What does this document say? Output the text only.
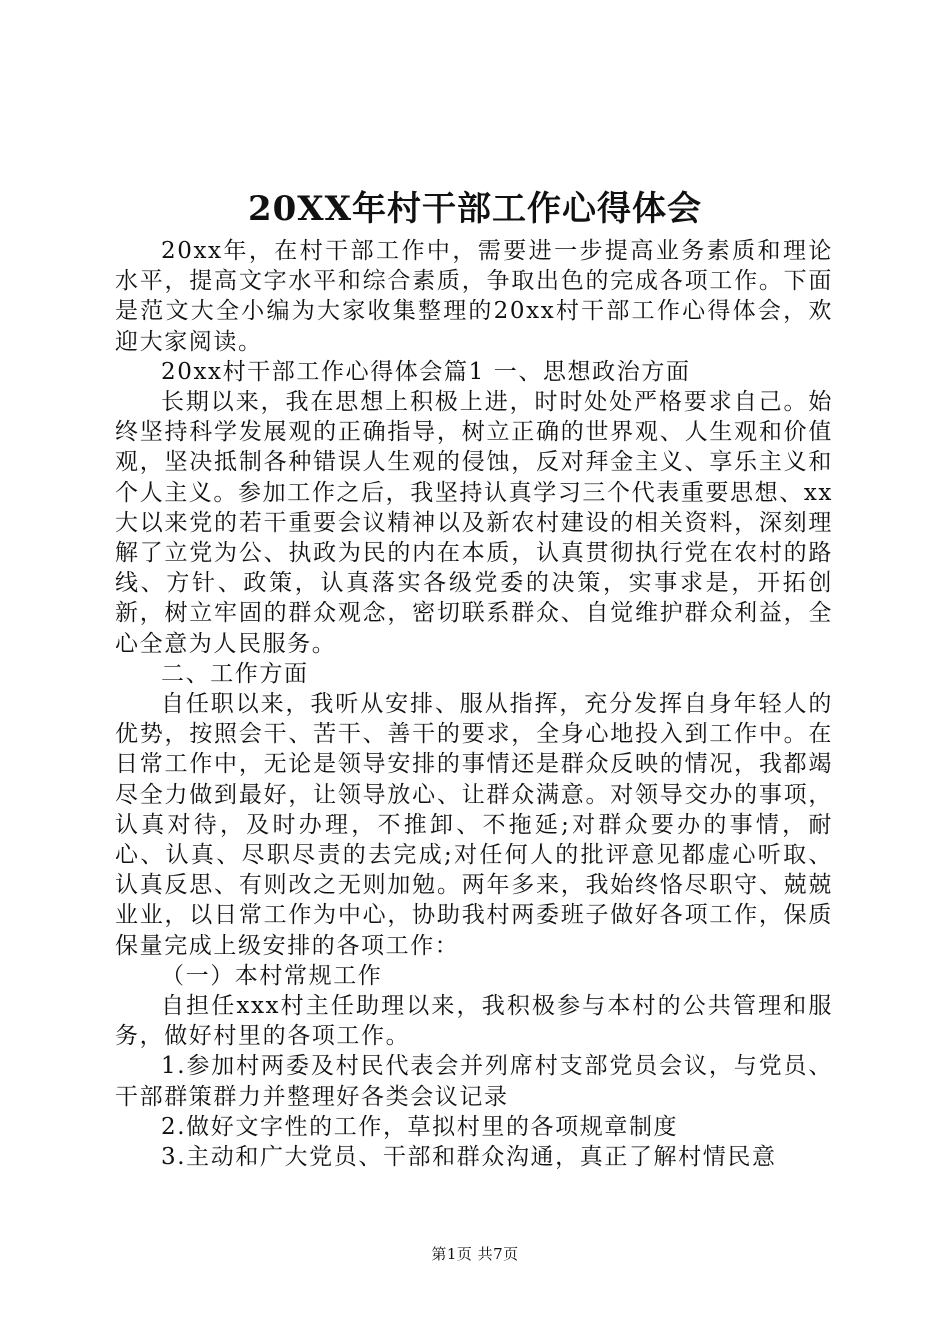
20XX年村干部工作心得体会

20xx年，在村干部工作中，需要进一步提高业务素质和理论水平，提高文字水平和综合素质，争取出色的完成各项工作。下面是范文大全小编为大家收集整理的20xx村干部工作心得体会，欢迎大家阅读。

20xx村干部工作心得体会篇1 一、思想政治方面

长期以来，我在思想上积极上进，时时处处严格要求自己。始终坚持科学发展观的正确指导，树立正确的世界观、人生观和价值观，坚决抵制各种错误人生观的侵蚀，反对拜金主义、享乐主义和个人主义。参加工作之后，我坚持认真学习三个代表重要思想、xx大以来党的若干重要会议精神以及新农村建设的相关资料，深刻理解了立党为公、执政为民的内在本质，认真贯彻执行党在农村的路线、方针、政策，认真落实各级党委的决策，实事求是，开拓创新，树立牢固的群众观念，密切联系群众、自觉维护群众利益，全心全意为人民服务。

二、工作方面

自任职以来，我听从安排、服从指挥，充分发挥自身年轻人的优势，按照会干、苦干、善干的要求，全身心地投入到工作中。在日常工作中，无论是领导安排的事情还是群众反映的情况，我都竭尽全力做到最好，让领导放心、让群众满意。对领导交办的事项，认真对待，及时办理，不推卸、不拖延;对群众要办的事情，耐心、认真、尽职尽责的去完成;对任何人的批评意见都虚心听取、认真反思、有则改之无则加勉。两年多来，我始终恪尽职守、兢兢业业，以日常工作为中心，协助我村两委班子做好各项工作，保质保量完成上级安排的各项工作：

（一）本村常规工作

自担任xxx村主任助理以来，我积极参与本村的公共管理和服务，做好村里的各项工作。

1.参加村两委及村民代表会并列席村支部党员会议，与党员、干部群策群力并整理好各类会议记录

2.做好文字性的工作，草拟村里的各项规章制度

3.主动和广大党员、干部和群众沟通，真正了解村情民意

第1页 共7页
